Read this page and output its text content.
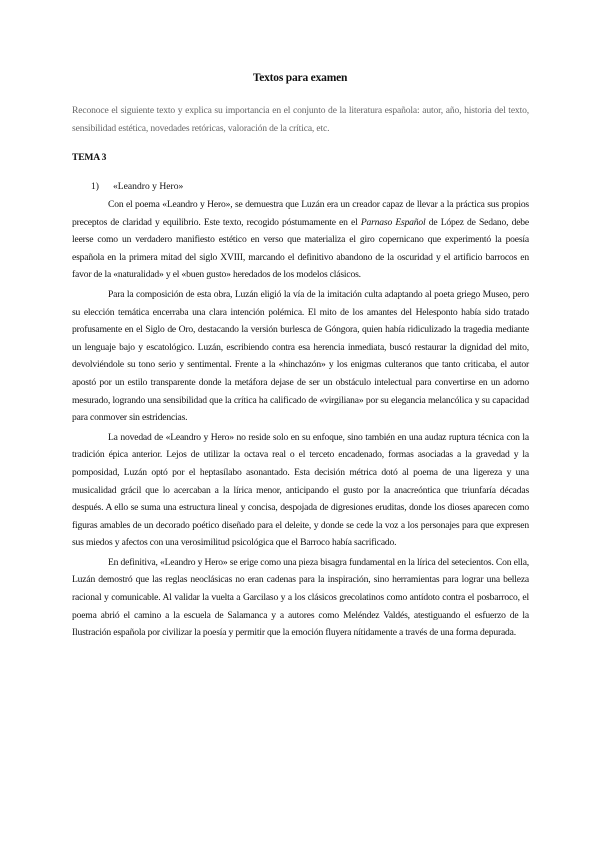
Textos para examen
Reconoce el siguiente texto y explica su importancia en el conjunto de la literatura española: autor, año, historia del texto, sensibilidad estética, novedades retóricas, valoración de la crítica, etc.
TEMA 3
1) «Leandro y Hero»

Con el poema «Leandro y Hero», se demuestra que Luzán era un creador capaz de llevar a la práctica sus propios preceptos de claridad y equilibrio. Este texto, recogido póstumamente en el Parnaso Español de López de Sedano, debe leerse como un verdadero manifiesto estético en verso que materializa el giro copernicano que experimentó la poesía española en la primera mitad del siglo XVIII, marcando el definitivo abandono de la oscuridad y el artificio barrocos en favor de la «naturalidad» y el «buen gusto» heredados de los modelos clásicos.

Para la composición de esta obra, Luzán eligió la vía de la imitación culta adaptando al poeta griego Museo, pero su elección temática encerraba una clara intención polémica. El mito de los amantes del Helesponto había sido tratado profusamente en el Siglo de Oro, destacando la versión burlesca de Góngora, quien había ridiculizado la tragedia mediante un lenguaje bajo y escatológico. Luzán, escribiendo contra esa herencia inmediata, buscó restaurar la dignidad del mito, devolviéndole su tono serio y sentimental. Frente a la «hinchazón» y los enigmas culteranos que tanto criticaba, el autor apostó por un estilo transparente donde la metáfora dejase de ser un obstáculo intelectual para convertirse en un adorno mesurado, logrando una sensibilidad que la crítica ha calificado de «virgiliana» por su elegancia melancólica y su capacidad para conmover sin estridencias.

La novedad de «Leandro y Hero» no reside solo en su enfoque, sino también en una audaz ruptura técnica con la tradición épica anterior. Lejos de utilizar la octava real o el terceto encadenado, formas asociadas a la gravedad y la pomposidad, Luzán optó por el heptasílabo asonantado. Esta decisión métrica dotó al poema de una ligereza y una musicalidad grácil que lo acercaban a la lírica menor, anticipando el gusto por la anacreóntica que triunfaría décadas después. A ello se suma una estructura lineal y concisa, despojada de digresiones eruditas, donde los dioses aparecen como figuras amables de un decorado poético diseñado para el deleite, y donde se cede la voz a los personajes para que expresen sus miedos y afectos con una verosimilitud psicológica que el Barroco había sacrificado.

En definitiva, «Leandro y Hero» se erige como una pieza bisagra fundamental en la lírica del setecientos. Con ella, Luzán demostró que las reglas neoclásicas no eran cadenas para la inspiración, sino herramientas para lograr una belleza racional y comunicable. Al validar la vuelta a Garcilaso y a los clásicos grecolatinos como antídoto contra el posbarroco, el poema abrió el camino a la escuela de Salamanca y a autores como Meléndez Valdés, atestiguando el esfuerzo de la Ilustración española por civilizar la poesía y permitir que la emoción fluyera nítidamente a través de una forma depurada.
